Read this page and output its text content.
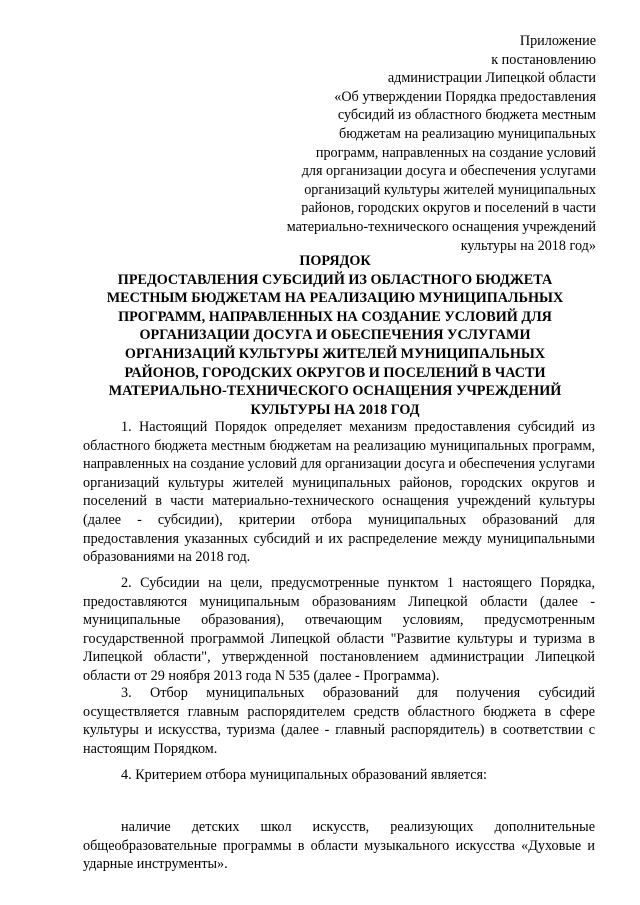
Приложение
к постановлению
администрации Липецкой области
«Об утверждении Порядка предоставления
субсидий из областного бюджета местным
бюджетам на реализацию муниципальных
программ, направленных на создание условий
для организации досуга и обеспечения услугами
организаций культуры жителей муниципальных
районов, городских округов и поселений в части
материально-технического оснащения учреждений
культуры на 2018 год»
ПОРЯДОК
ПРЕДОСТАВЛЕНИЯ СУБСИДИЙ ИЗ ОБЛАСТНОГО БЮДЖЕТА
МЕСТНЫМ БЮДЖЕТАМ НА РЕАЛИЗАЦИЮ МУНИЦИПАЛЬНЫХ
ПРОГРАММ, НАПРАВЛЕННЫХ НА СОЗДАНИЕ УСЛОВИЙ ДЛЯ
ОРГАНИЗАЦИИ ДОСУГА И ОБЕСПЕЧЕНИЯ УСЛУГАМИ
ОРГАНИЗАЦИЙ КУЛЬТУРЫ ЖИТЕЛЕЙ МУНИЦИПАЛЬНЫХ
РАЙОНОВ, ГОРОДСКИХ ОКРУГОВ И ПОСЕЛЕНИЙ В ЧАСТИ
МАТЕРИАЛЬНО-ТЕХНИЧЕСКОГО ОСНАЩЕНИЯ УЧРЕЖДЕНИЙ
КУЛЬТУРЫ НА 2018 ГОД

1. Настоящий Порядок определяет механизм предоставления субсидий из областного бюджета местным бюджетам на реализацию муниципальных программ, направленных на создание условий для организации досуга и обеспечения услугами организаций культуры жителей муниципальных районов, городских округов и поселений в части материально-технического оснащения учреждений культуры (далее - субсидии), критерии отбора муниципальных образований для предоставления указанных субсидий и их распределение между муниципальными образованиями на 2018 год.

2. Субсидии на цели, предусмотренные пунктом 1 настоящего Порядка, предоставляются муниципальным образованиям Липецкой области (далее - муниципальные образования), отвечающим условиям, предусмотренным государственной программой Липецкой области "Развитие культуры и туризма в Липецкой области", утвержденной постановлением администрации Липецкой области от 29 ноября 2013 года N 535 (далее - Программа).

3. Отбор муниципальных образований для получения субсидий осуществляется главным распорядителем средств областного бюджета в сфере культуры и искусства, туризма (далее - главный распорядитель) в соответствии с настоящим Порядком.

4. Критерием отбора муниципальных образований является:

наличие детских школ искусств, реализующих дополнительные общеобразовательные программы в области музыкального искусства «Духовые и ударные инструменты».
